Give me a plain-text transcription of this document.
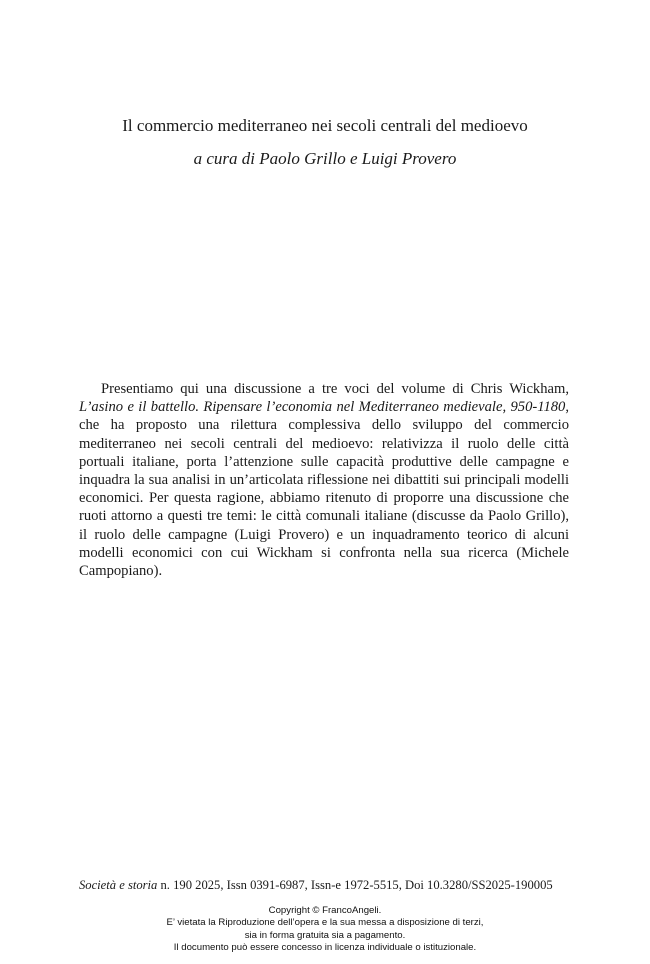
Il commercio mediterraneo nei secoli centrali del medioevo

a cura di Paolo Grillo e Luigi Provero

Presentiamo qui una discussione a tre voci del volume di Chris Wickham, L’asino e il battello. Ripensare l’economia nel Mediterraneo medievale, 950-1180, che ha proposto una rilettura complessiva dello sviluppo del commercio mediterraneo nei secoli centrali del medioevo: relativizza il ruolo delle città portuali italiane, porta l’attenzione sulle capacità produttive delle campagne e inquadra la sua analisi in un’articolata riflessione nei dibattiti sui principali modelli economici. Per questa ragione, abbiamo ritenuto di proporre una discussione che ruoti attorno a questi tre temi: le città comunali italiane (discusse da Paolo Grillo), il ruolo delle campagne (Luigi Provero) e un inquadramento teorico di alcuni modelli economici con cui Wickham si confronta nella sua ricerca (Michele Campopiano).

Società e storia n. 190 2025, Issn 0391-6987, Issn-e 1972-5515, Doi 10.3280/SS2025-190005

Copyright © FrancoAngeli.
E’ vietata la Riproduzione dell’opera e la sua messa a disposizione di terzi,
sia in forma gratuita sia a pagamento.
Il documento può essere concesso in licenza individuale o istituzionale.
